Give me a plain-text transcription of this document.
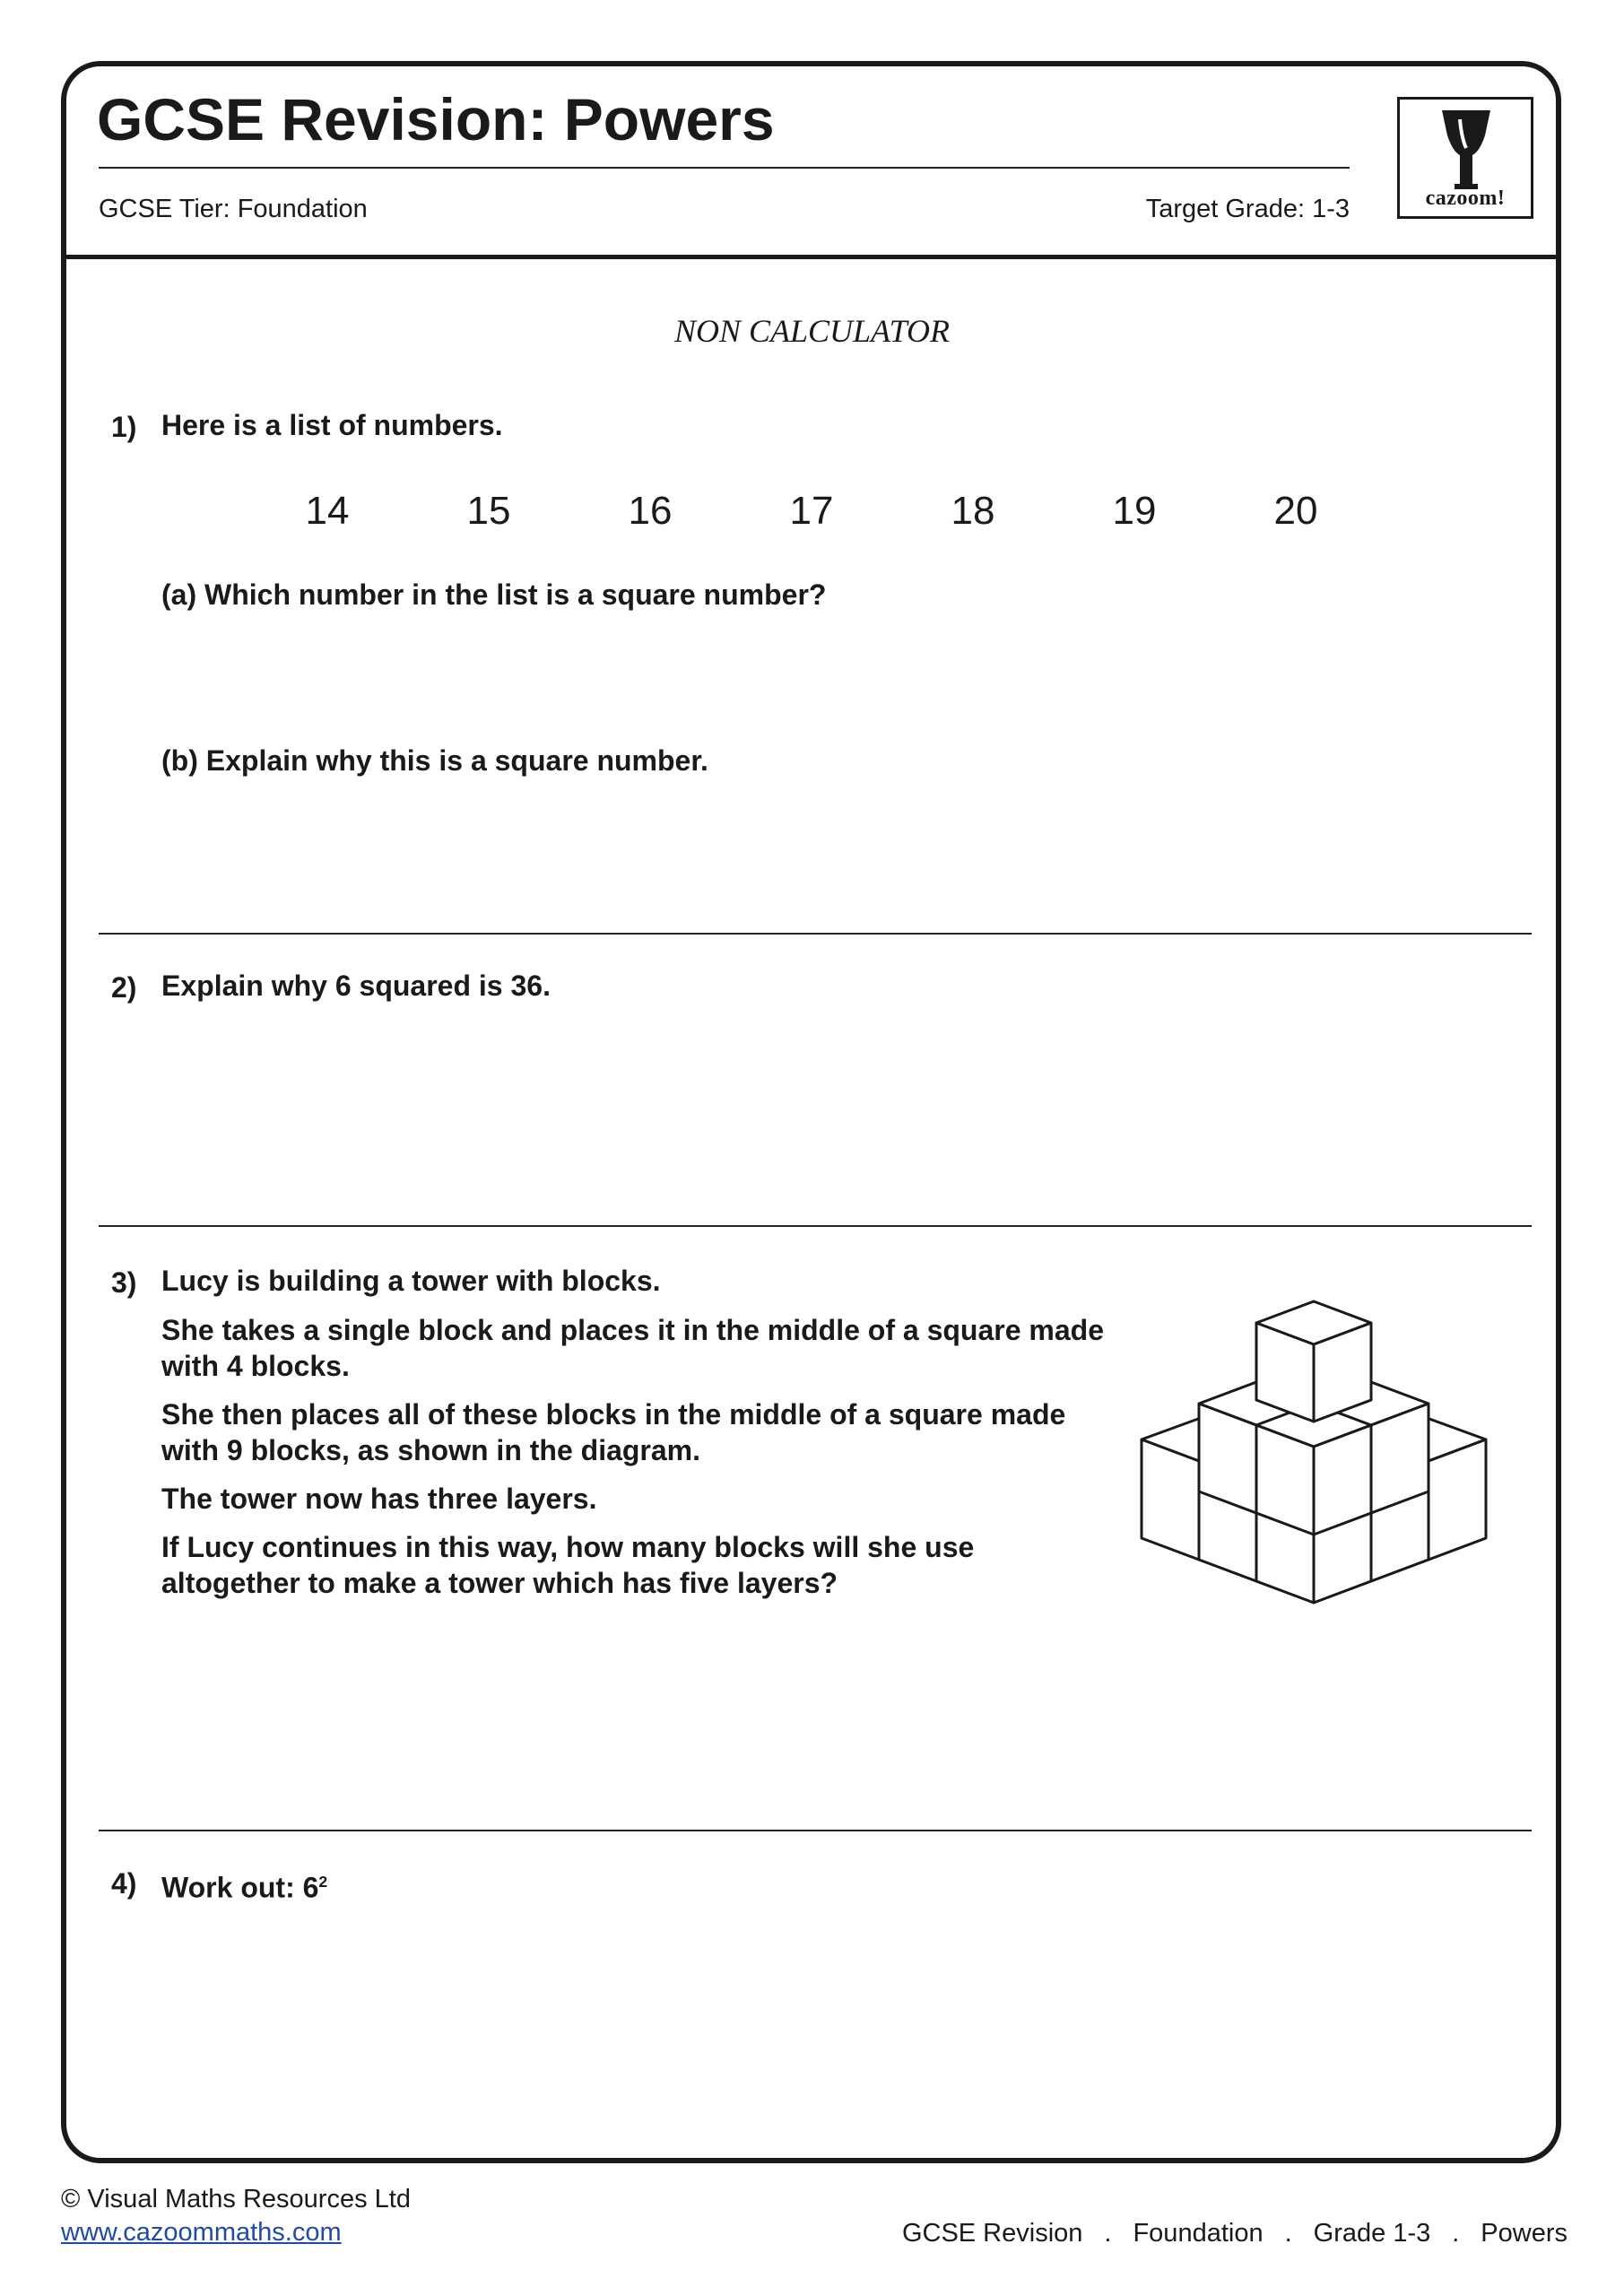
GCSE Revision: Powers
GCSE Tier: Foundation	Target Grade: 1-3	cazoom!
NON CALCULATOR
1) Here is a list of numbers.
14	15	16	17	18	19	20
(a) Which number in the list is a square number?
(b) Explain why this is a square number.
2) Explain why 6 squared is 36.
3) Lucy is building a tower with blocks.
She takes a single block and places it in the middle of a square made with 4 blocks.
She then places all of these blocks in the middle of a square made with 9 blocks, as shown in the diagram.
The tower now has three layers.
If Lucy continues in this way, how many blocks will she use altogether to make a tower which has five layers?
4) Work out: $6^2$
© Visual Maths Resources Ltd
www.cazoommaths.com	GCSE Revision . Foundation . Grade 1-3 . Powers
